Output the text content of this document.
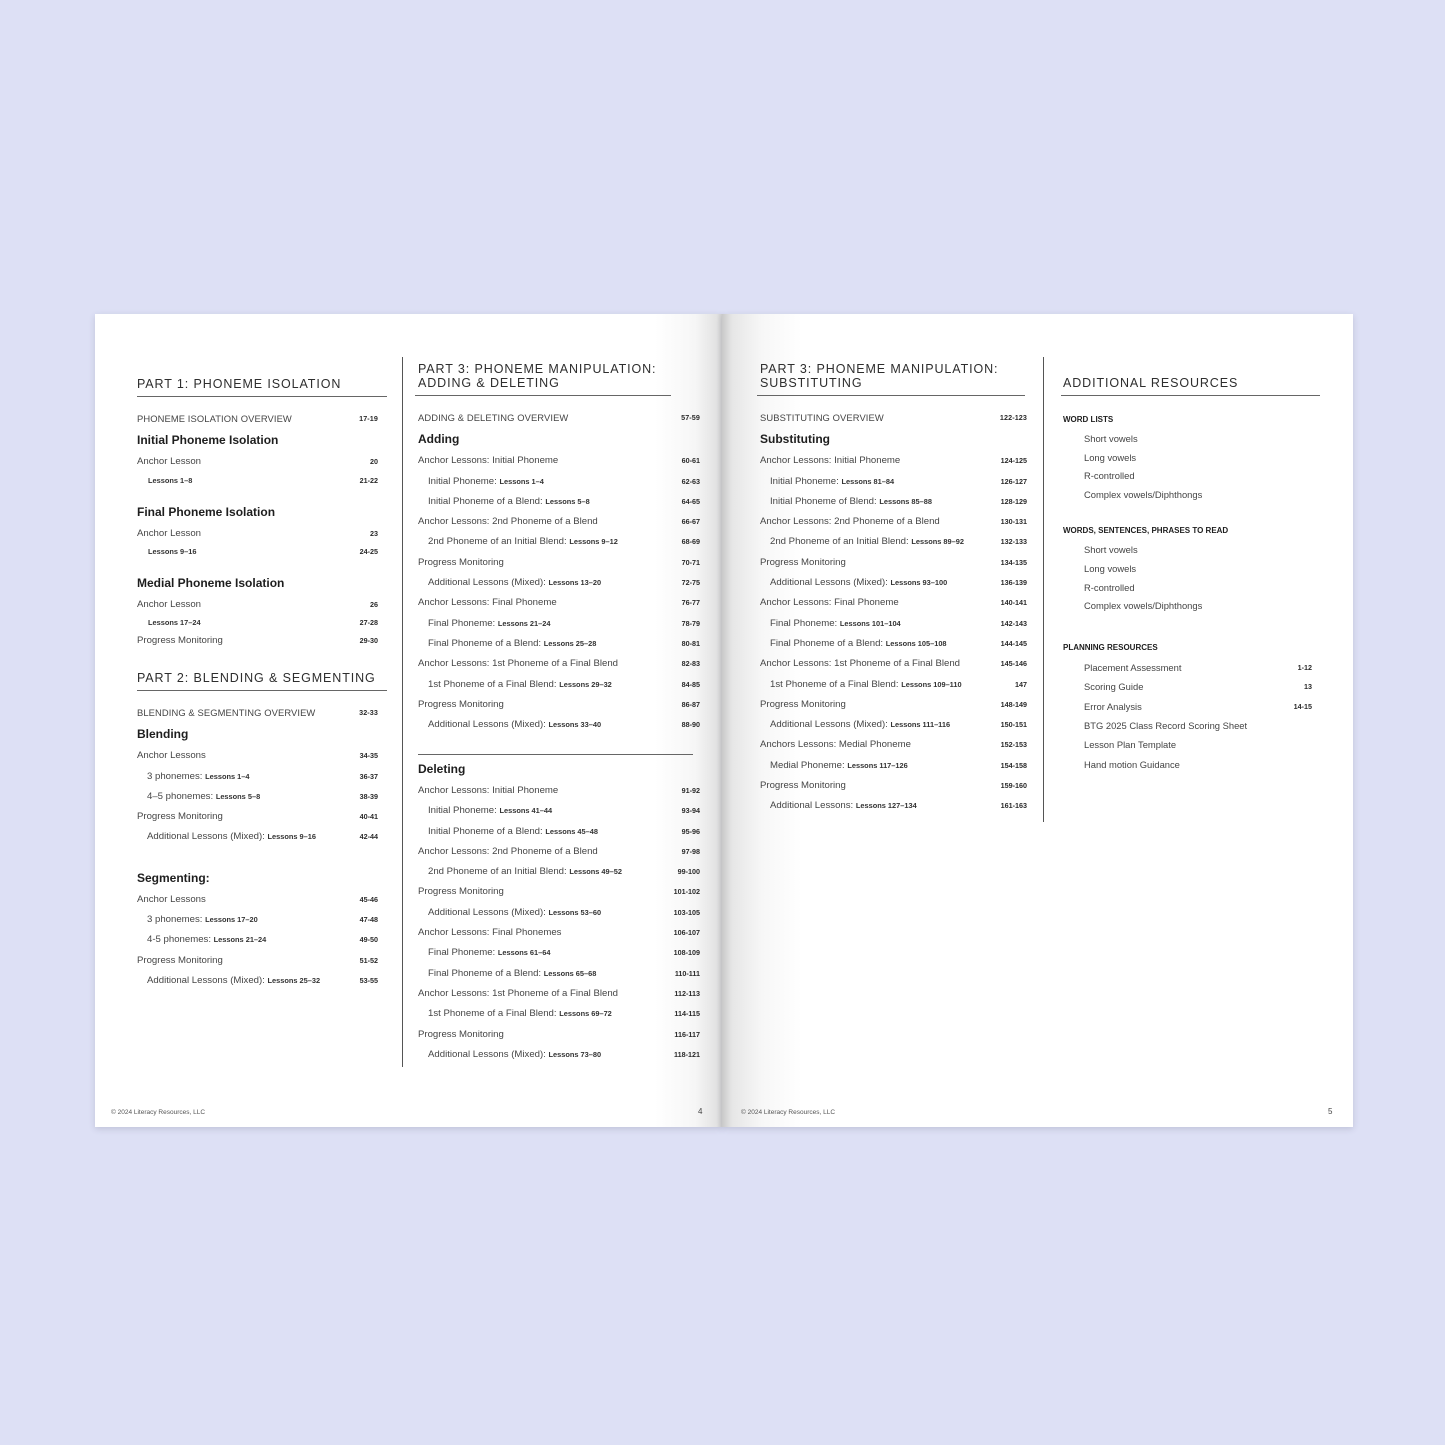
PART 1: PHONEME ISOLATION
PHONEME ISOLATION OVERVIEW	17-19
Initial Phoneme Isolation
Anchor Lesson	20
Lessons 1–8	21-22
Final Phoneme Isolation
Anchor Lesson	23
Lessons 9–16	24-25
Medial Phoneme Isolation
Anchor Lesson	26
Lessons 17–24	27-28
Progress Monitoring	29-30
PART 2: BLENDING & SEGMENTING
BLENDING & SEGMENTING OVERVIEW	32-33
Blending
Anchor Lessons	34-35
3 phonemes: Lessons 1–4	36-37
4–5 phonemes: Lessons 5–8	38-39
Progress Monitoring	40-41
Additional Lessons (Mixed): Lessons 9–16	42-44
Segmenting:
Anchor Lessons	45-46
3 phonemes: Lessons 17–20	47-48
4-5 phonemes: Lessons 21–24	49-50
Progress Monitoring	51-52
Additional Lessons (Mixed): Lessons 25–32	53-55
PART 3: PHONEME MANIPULATION:
ADDING & DELETING
ADDING & DELETING OVERVIEW	57-59
Adding
Anchor Lessons: Initial Phoneme	60-61
Initial Phoneme: Lessons 1–4	62-63
Initial Phoneme of a Blend: Lessons 5–8	64-65
Anchor Lessons: 2nd Phoneme of a Blend	66-67
2nd Phoneme of an Initial Blend: Lessons 9–12	68-69
Progress Monitoring	70-71
Additional Lessons (Mixed): Lessons 13–20	72-75
Anchor Lessons: Final Phoneme	76-77
Final Phoneme: Lessons 21–24	78-79
Final Phoneme of a Blend: Lessons 25–28	80-81
Anchor Lessons: 1st Phoneme of a Final Blend	82-83
1st Phoneme of a Final Blend: Lessons 29–32	84-85
Progress Monitoring	86-87
Additional Lessons (Mixed): Lessons 33–40	88-90
Deleting
Anchor Lessons: Initial Phoneme	91-92
Initial Phoneme: Lessons 41–44	93-94
Initial Phoneme of a Blend: Lessons 45–48	95-96
Anchor Lessons: 2nd Phoneme of a Blend	97-98
2nd Phoneme of an Initial Blend: Lessons 49–52	99-100
Progress Monitoring	101-102
Additional Lessons (Mixed): Lessons 53–60	103-105
Anchor Lessons: Final Phonemes	106-107
Final Phoneme: Lessons 61–64	108-109
Final Phoneme of a Blend: Lessons 65–68	110-111
Anchor Lessons: 1st Phoneme of a Final Blend	112-113
1st Phoneme of a Final Blend: Lessons 69–72	114-115
Progress Monitoring	116-117
Additional Lessons (Mixed): Lessons 73–80	118-121
PART 3: PHONEME MANIPULATION:
SUBSTITUTING
SUBSTITUTING OVERVIEW	122-123
Substituting
Anchor Lessons: Initial Phoneme	124-125
Initial Phoneme: Lessons 81–84	126-127
Initial Phoneme of Blend: Lessons 85–88	128-129
Anchor Lessons: 2nd Phoneme of a Blend	130-131
2nd Phoneme of an Initial Blend: Lessons 89–92	132-133
Progress Monitoring	134-135
Additional Lessons (Mixed): Lessons 93–100	136-139
Anchor Lessons: Final Phoneme	140-141
Final Phoneme: Lessons 101–104	142-143
Final Phoneme of a Blend: Lessons 105–108	144-145
Anchor Lessons: 1st Phoneme of a Final Blend	145-146
1st Phoneme of a Final Blend: Lessons 109–110	147
Progress Monitoring	148-149
Additional Lessons (Mixed): Lessons 111–116	150-151
Anchors Lessons: Medial Phoneme	152-153
Medial Phoneme: Lessons 117–126	154-158
Progress Monitoring	159-160
Additional Lessons: Lessons 127–134	161-163
ADDITIONAL RESOURCES
WORD LISTS
Short vowels
Long vowels
R-controlled
Complex vowels/Diphthongs
WORDS, SENTENCES, PHRASES TO READ
Short vowels
Long vowels
R-controlled
Complex vowels/Diphthongs
PLANNING RESOURCES
Placement Assessment	1-12
Scoring Guide	13
Error Analysis	14-15
BTG 2025 Class Record Scoring Sheet
Lesson Plan Template
Hand motion Guidance
© 2024 Literacy Resources, LLC	4	© 2024 Literacy Resources, LLC	5
